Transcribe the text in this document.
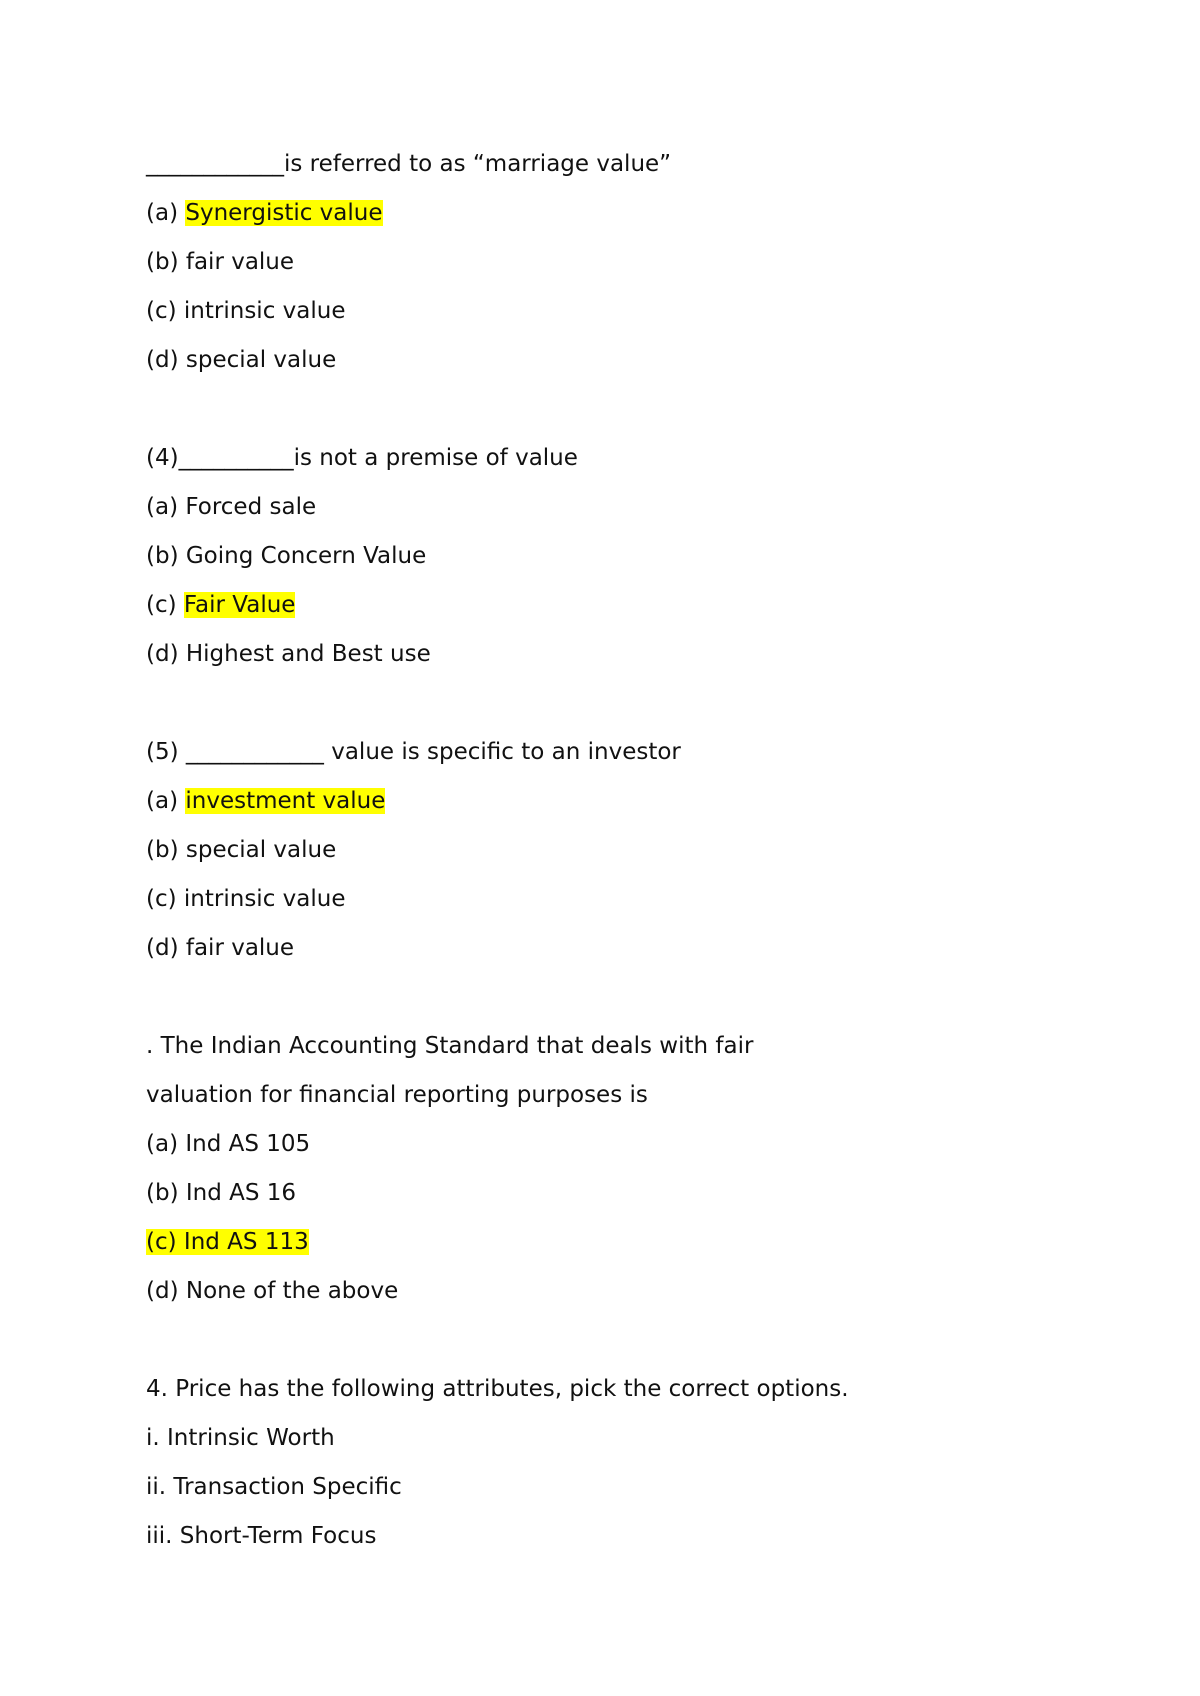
____________is referred to as “marriage value”
(a) Synergistic value
(b) fair value
(c) intrinsic value
(d) special value
(4)__________is not a premise of value
(a) Forced sale
(b) Going Concern Value
(c) Fair Value
(d) Highest and Best use
(5) ____________ value is specific to an investor
(a) investment value
(b) special value
(c) intrinsic value
(d) fair value
. The Indian Accounting Standard that deals with fair
valuation for financial reporting purposes is
(a) Ind AS 105
(b) Ind AS 16
(c) Ind AS 113
(d) None of the above
4. Price has the following attributes, pick the correct options.
i. Intrinsic Worth
ii. Transaction Specific
iii. Short-Term Focus
